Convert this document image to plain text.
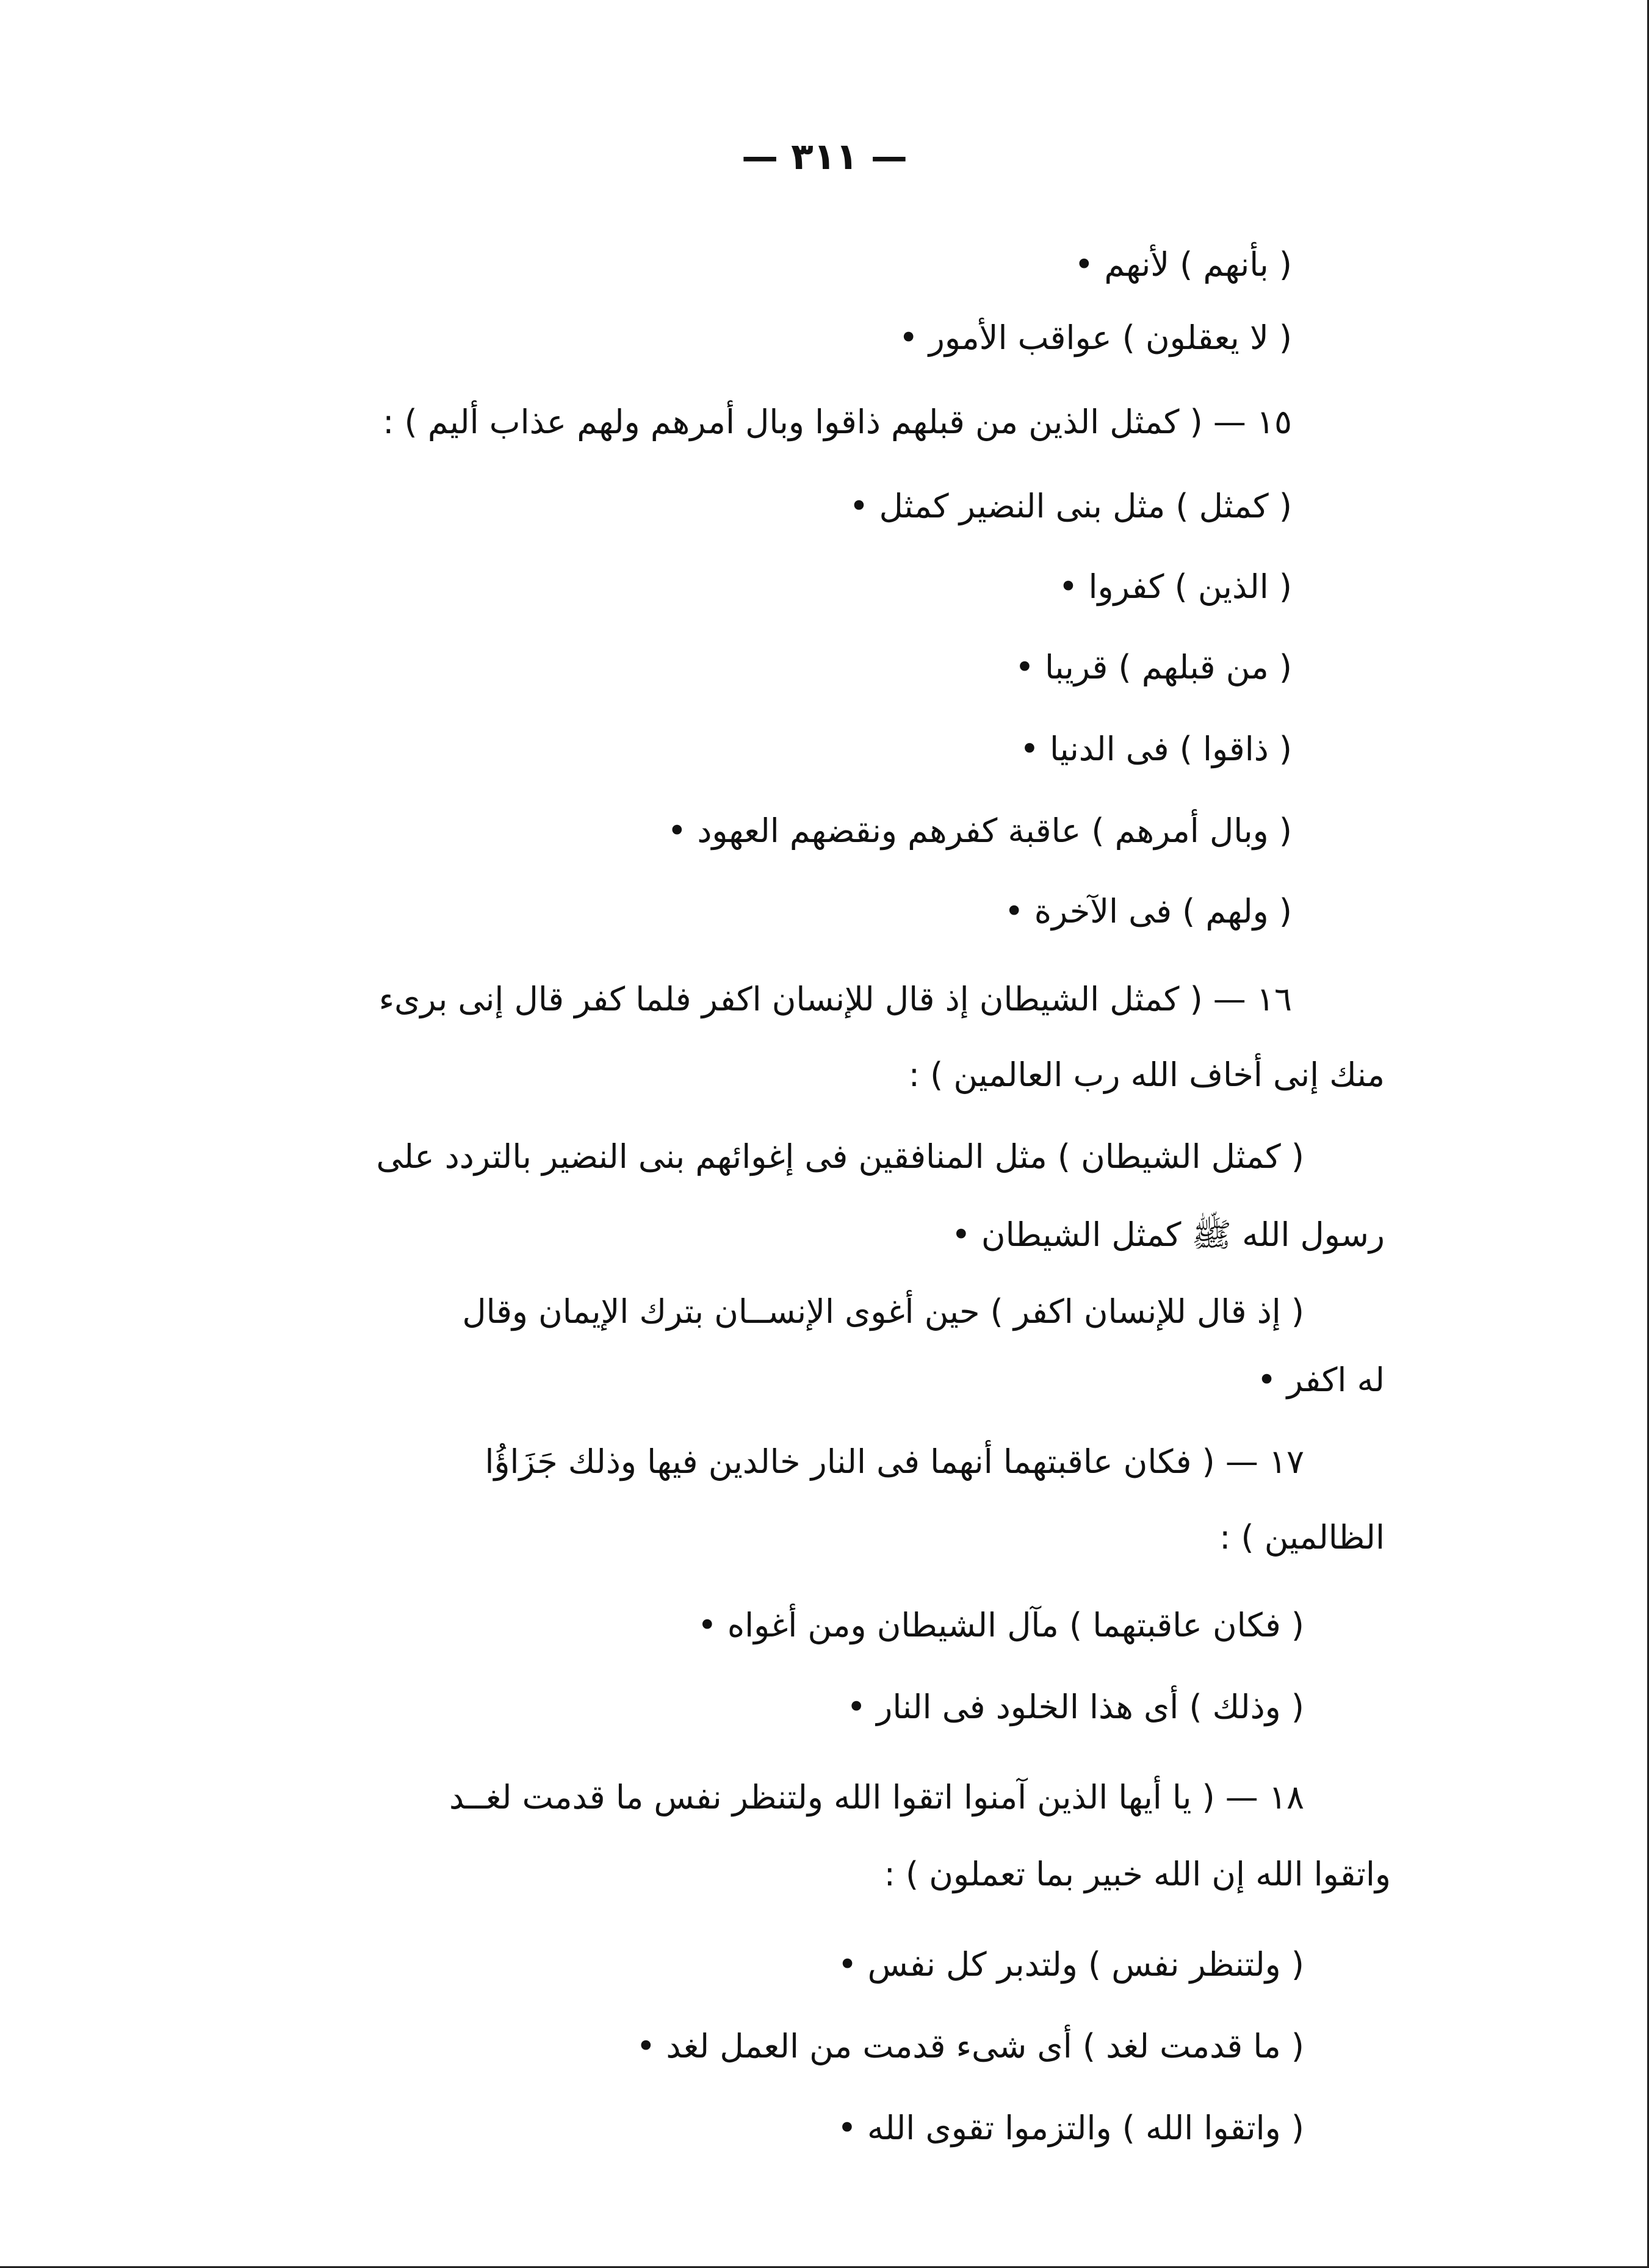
— ٣١١ —
( بأنهم ) لأنهم •
( لا يعقلون ) عواقب الأمور •
١٥ — ( كمثل الذين من قبلهم ذاقوا وبال أمرهم ولهم عذاب أليم ) :
( كمثل ) مثل بنى النضير كمثل •
( الذين ) كفروا •
( من قبلهم ) قريبا •
( ذاقوا ) فى الدنيا •
( وبال أمرهم ) عاقبة كفرهم ونقضهم العهود •
( ولهم ) فى الآخرة •
١٦ — ( كمثل الشيطان إذ قال للإنسان اكفر فلما كفر قال إنى برىء
منك إنى أخاف الله رب العالمين ) :
( كمثل الشيطان ) مثل المنافقين فى إغوائهم بنى النضير بالتردد على
رسول الله ﷺ كمثل الشيطان •
( إذ قال للإنسان اكفر ) حين أغوى الإنســان بترك الإيمان وقال
له اكفر •
١٧ — ( فكان عاقبتهما أنهما فى النار خالدين فيها وذلك جَزَاؤُا
الظالمين ) :
( فكان عاقبتهما ) مآل الشيطان ومن أغواه •
( وذلك ) أى هذا الخلود فى النار •
١٨ — ( يا أيها الذين آمنوا اتقوا الله ولتنظر نفس ما قدمت لغــد
واتقوا الله إن الله خبير بما تعملون ) :
( ولتنظر نفس ) ولتدبر كل نفس •
( ما قدمت لغد ) أى شىء قدمت من العمل لغد •
( واتقوا الله ) والتزموا تقوى الله •
